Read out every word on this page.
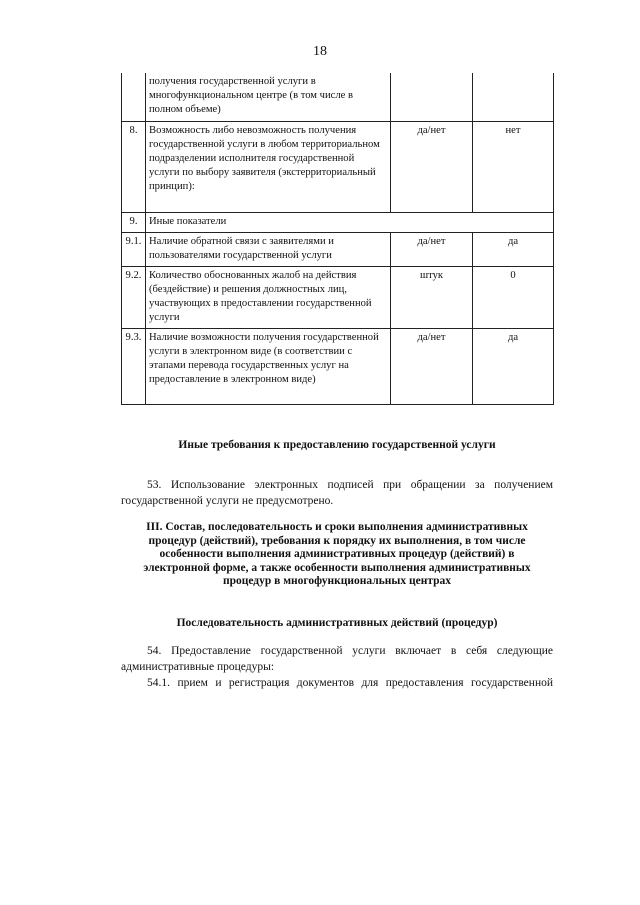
18
	получения государственной услуги в многофункциональном центре (в том числе в полном объеме)		
8.	Возможность либо невозможность получения государственной услуги в любом территориальном подразделении исполнителя государственной услуги по выбору заявителя (экстерриториальный принцип):	да/нет	нет
9.	Иные показатели		
9.1.	Наличие обратной связи с заявителями и пользователями государственной услуги	да/нет	да
9.2.	Количество обоснованных жалоб на действия (бездействие) и решения должностных лиц, участвующих в предоставлении государственной услуги	штук	0
9.3.	Наличие возможности получения государственной услуги в электронном виде (в соответствии с этапами перевода государственных услуг на предоставление в электронном виде)	да/нет	да
Иные требования к предоставлению государственной услуги
53. Использование электронных подписей при обращении за получением государственной услуги не предусмотрено.
III. Состав, последовательность и сроки выполнения административных процедур (действий), требования к порядку их выполнения, в том числе особенности выполнения административных процедур (действий) в электронной форме, а также особенности выполнения административных процедур в многофункциональных центрах
Последовательность административных действий (процедур)
54. Предоставление государственной услуги включает в себя следующие административные процедуры:
54.1. прием и регистрация документов для предоставления государственной
